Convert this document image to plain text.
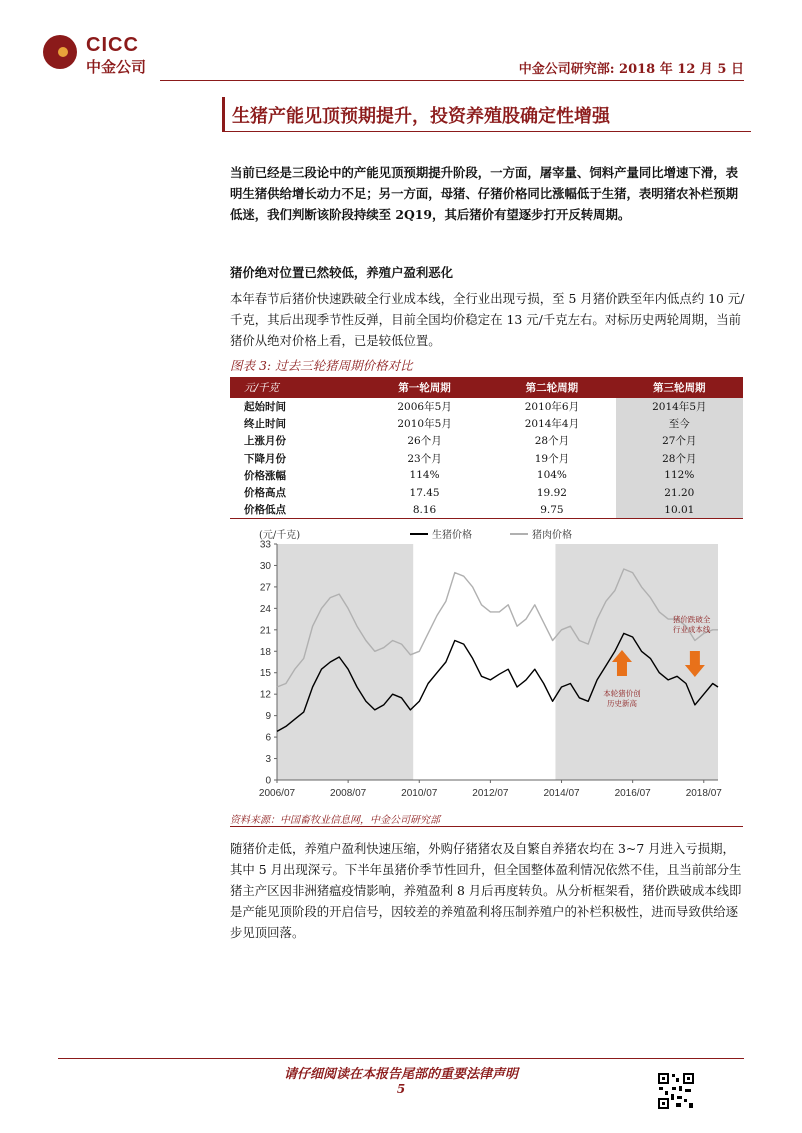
CICC
中金公司	中金公司研究部: 2018 年 12 月 5 日
生猪产能见顶预期提升，投资养殖股确定性增强
当前已经是三段论中的产能见顶预期提升阶段，一方面，屠宰量、饲料产量同比增速下滑，表明生猪供给增长动力不足；另一方面，母猪、仔猪价格同比涨幅低于生猪，表明猪农补栏预期低迷，我们判断该阶段持续至 2Q19，其后猪价有望逐步打开反转周期。
猪价绝对位置已然较低，养殖户盈利恶化
本年春节后猪价快速跌破全行业成本线，全行业出现亏损，至 5 月猪价跌至年内低点约 10 元/千克，其后出现季节性反弹，目前全国均价稳定在 13 元/千克左右。对标历史两轮周期，当前猪价从绝对价格上看，已是较低位置。
图表 3: 过去三轮猪周期价格对比
元/千克	第一轮周期	第二轮周期	第三轮周期
起始时间	2006年5月	2010年6月	2014年5月
终止时间	2010年5月	2014年4月	至今
上涨月份	26个月	28个月	27个月
下降月份	23个月	19个月	28个月
价格涨幅	114%	104%	112%
价格高点	17.45	19.92	21.20
价格低点	8.16	9.75	10.01
0
3
6
9
12
15
18
21
24
27
30
33
2006/07	2008/07	2010/07	2012/07	2014/07	2016/07	2018/07
(元/千克)	生猪价格	猪肉价格
本轮猪价创历史新高
猪价跌破全行业成本线
资料来源：中国畜牧业信息网，中金公司研究部
随猪价走低，养殖户盈利快速压缩，外购仔猪猪农及自繁自养猪农均在 3~7 月进入亏损期，其中 5 月出现深亏。下半年虽猪价季节性回升，但全国整体盈利情况依然不佳，且当前部分生猪主产区因非洲猪瘟疫情影响，养殖盈利 8 月后再度转负。从分析框架看，猪价跌破成本线即是产能见顶阶段的开启信号，因较差的养殖盈利将压制养殖户的补栏积极性，进而导致供给逐步见顶回落。
请仔细阅读在本报告尾部的重要法律声明
5
